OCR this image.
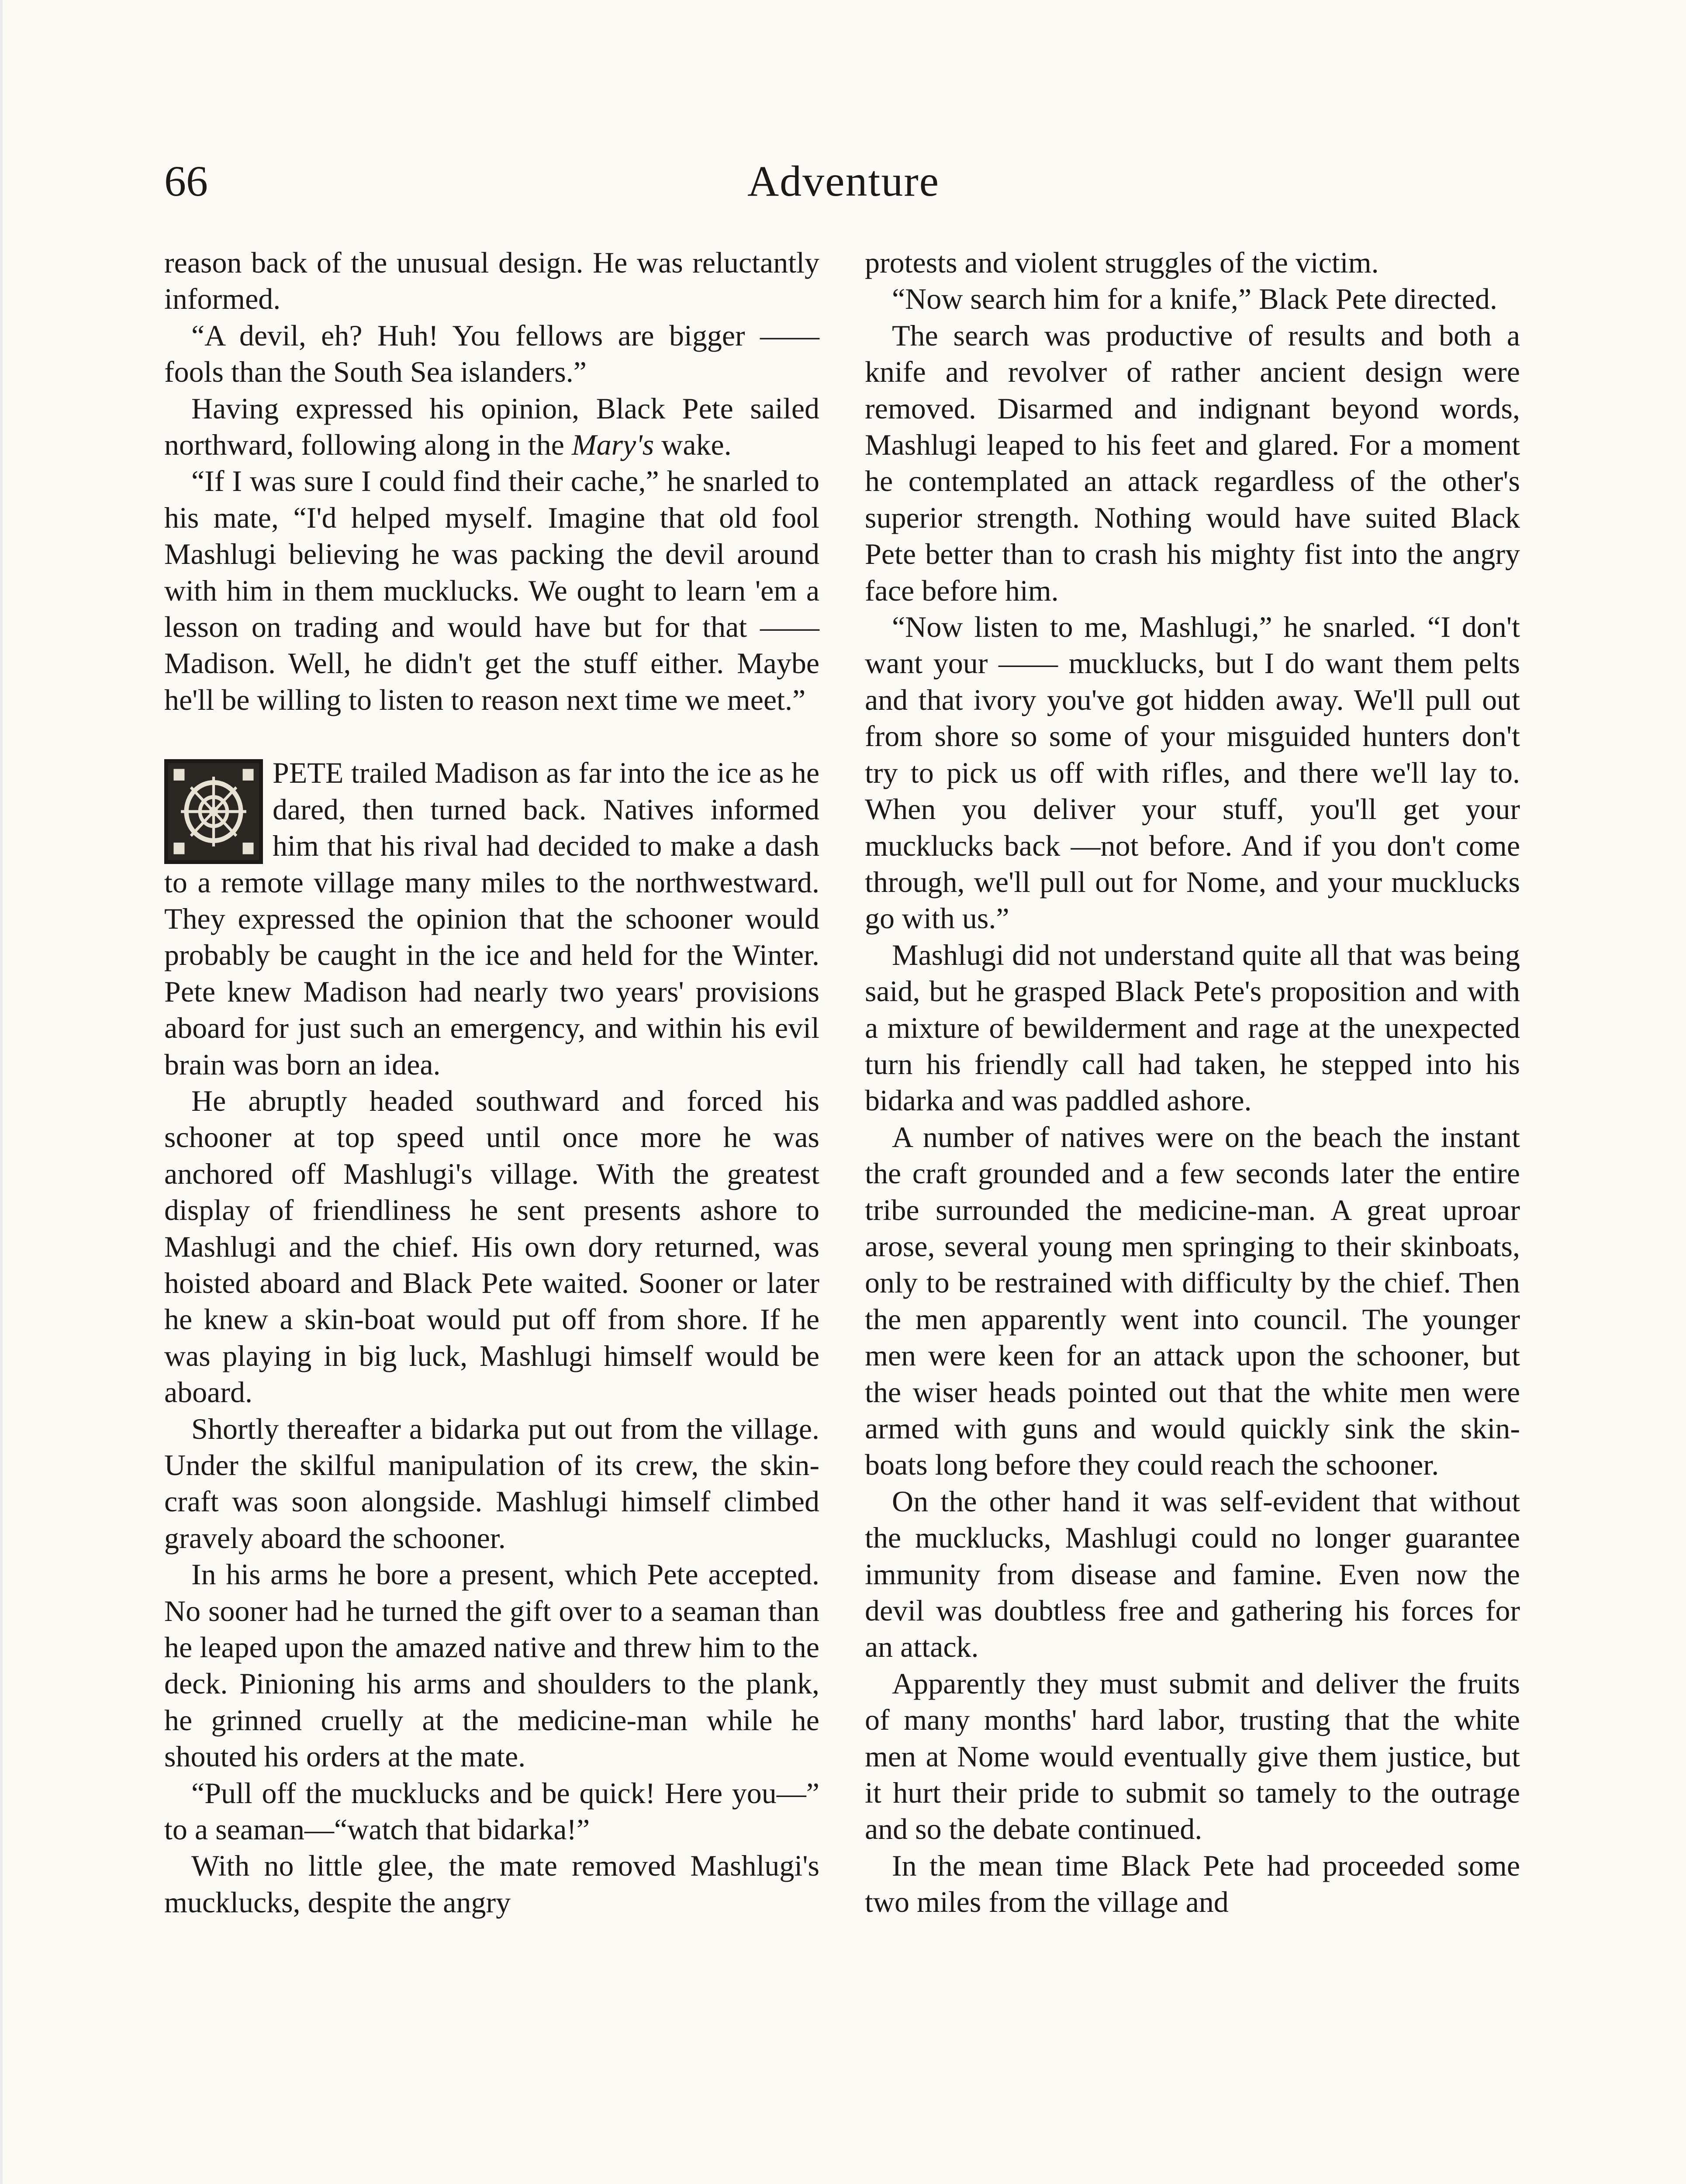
66	Adventure

reason back of the unusual design. He was reluctantly informed.

“A devil, eh? Huh! You fellows are bigger —— fools than the South Sea islanders.”

Having expressed his opinion, Black Pete sailed northward, following along in the Mary's wake.

“If I was sure I could find their cache,” he snarled to his mate, “I'd helped myself. Imagine that old fool Mashlugi believing he was packing the devil around with him in them mucklucks. We ought to learn 'em a lesson on trading and would have but for that —— Madison. Well, he didn't get the stuff either. Maybe he'll be willing to listen to reason next time we meet.”

PETE trailed Madison as far into the ice as he dared, then turned back. Natives informed him that his rival had decided to make a dash to a remote village many miles to the northwestward. They expressed the opinion that the schooner would probably be caught in the ice and held for the Winter. Pete knew Madison had nearly two years' provisions aboard for just such an emergency, and within his evil brain was born an idea.

He abruptly headed southward and forced his schooner at top speed until once more he was anchored off Mashlugi's village. With the greatest display of friendliness he sent presents ashore to Mashlugi and the chief. His own dory returned, was hoisted aboard and Black Pete waited. Sooner or later he knew a skin-boat would put off from shore. If he was playing in big luck, Mashlugi himself would be aboard.

Shortly thereafter a bidarka put out from the village. Under the skilful manipulation of its crew, the skin-craft was soon alongside. Mashlugi himself climbed gravely aboard the schooner.

In his arms he bore a present, which Pete accepted. No sooner had he turned the gift over to a seaman than he leaped upon the amazed native and threw him to the deck. Pinioning his arms and shoulders to the plank, he grinned cruelly at the medicine-man while he shouted his orders at the mate.

“Pull off the mucklucks and be quick! Here you—” to a seaman—“watch that bidarka!”

With no little glee, the mate removed Mashlugi's mucklucks, despite the angry

protests and violent struggles of the victim.

“Now search him for a knife,” Black Pete directed.

The search was productive of results and both a knife and revolver of rather ancient design were removed. Disarmed and indignant beyond words, Mashlugi leaped to his feet and glared. For a moment he contemplated an attack regardless of the other's superior strength. Nothing would have suited Black Pete better than to crash his mighty fist into the angry face before him.

“Now listen to me, Mashlugi,” he snarled. “I don't want your —— mucklucks, but I do want them pelts and that ivory you've got hidden away. We'll pull out from shore so some of your misguided hunters don't try to pick us off with rifles, and there we'll lay to. When you deliver your stuff, you'll get your mucklucks back —not before. And if you don't come through, we'll pull out for Nome, and your mucklucks go with us.”

Mashlugi did not understand quite all that was being said, but he grasped Black Pete's proposition and with a mixture of bewilderment and rage at the unexpected turn his friendly call had taken, he stepped into his bidarka and was paddled ashore.

A number of natives were on the beach the instant the craft grounded and a few seconds later the entire tribe surrounded the medicine-man. A great uproar arose, several young men springing to their skinboats, only to be restrained with difficulty by the chief. Then the men apparently went into council. The younger men were keen for an attack upon the schooner, but the wiser heads pointed out that the white men were armed with guns and would quickly sink the skin-boats long before they could reach the schooner.

On the other hand it was self-evident that without the mucklucks, Mashlugi could no longer guarantee immunity from disease and famine. Even now the devil was doubtless free and gathering his forces for an attack.

Apparently they must submit and deliver the fruits of many months' hard labor, trusting that the white men at Nome would eventually give them justice, but it hurt their pride to submit so tamely to the outrage and so the debate continued.

In the mean time Black Pete had proceeded some two miles from the village and
